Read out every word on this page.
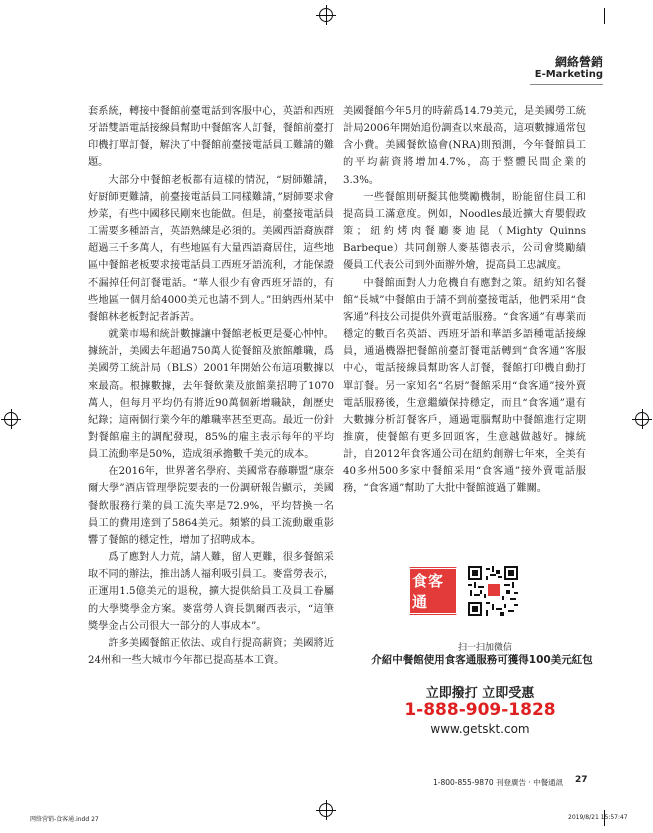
網絡營銷
E-Marketing

套系統，轉接中餐館前臺電話到客服中心，英語和西班牙語雙語電話接線員幫助中餐館客人訂餐，餐館前臺打印機打單訂餐，解決了中餐館前臺接電話員工難請的難題。

大部分中餐館老板都有這樣的情況，“厨師難請，好厨師更難請，前臺接電話員工同樣難請，”厨師要求會炒菜，有些中國移民剛來也能做。但是，前臺接電話員工需要多種語言，英語熟練是必須的。美國西語裔族群超過三千多萬人，有些地區有大量西語裔居住，這些地區中餐館老板要求接電話員工西班牙語流利，才能保證不漏掉任何訂餐電話。“華人很少有會西班牙語的，有些地區一個月給4000美元也請不到人。”田納西州某中餐館林老板對記者訴苦。

就業市場和統計數據讓中餐館老板更是憂心忡忡。據統計，美國去年超過750萬人從餐館及旅館離職，爲美國勞工統計局（BLS）2001年開始公布這項數據以來最高。根據數據，去年餐飲業及旅館業招聘了1070萬人，但每月平均仍有將近90萬個新增職缺，創歷史紀錄；這兩個行業今年的離職率甚至更高。最近一份針對餐館雇主的調配發現，85%的雇主表示每年的平均員工流動率是50%，造成須承擔數千美元的成本。

在2016年，世界著名學府、美國常春藤聯盟“康奈爾大學”酒店管理學院要表的一份調研報告顯示，美國餐飲服務行業的員工流失率是72.9%，平均替換一名員工的費用達到了5864美元。頻繁的員工流動嚴重影響了餐館的穩定性，增加了招聘成本。

爲了應對人力荒，請人難，留人更難，很多餐館采取不同的辦法，推出誘人福利吸引員工。麥當勞表示，正運用1.5億美元的退稅，擴大提供給員工及員工眷屬的大學獎學金方案。麥當勞人資長凱爾西表示，“這筆獎學金占公司很大一部分的人事成本”。

許多美國餐館正依法、或自行提高薪資；美國將近24州和一些大城市今年都已提高基本工資。

美國餐館今年5月的時薪爲14.79美元，是美國勞工統計局2006年開始追份調查以來最高，這項數據通常包含小費。美國餐飲協會(NRA)則預測，今年餐館員工的平均薪資將增加4.7%，高于整體民間企業的3.3%。

一些餐館則研擬其他獎勵機制，盼能留住員工和提高員工滿意度。例如，Noodles最近擴大育嬰假政策；紐約烤肉餐廳麥迪昆（Mighty Quinns Barbeque）共同創辦人麥基德表示，公司會獎勵績優員工代表公司到外面辦外燴，提高員工忠誠度。

中餐館面對人力危機自有應對之策。紐約知名餐館“長城”中餐館由于請不到前臺接電話，他們采用“食客通”科技公司提供外賣電話服務。“食客通”有專業而穩定的數百名英語、西班牙語和華語多語種電話接線員，通過機器把餐館前臺訂餐電話轉到“食客通”客服中心，電話接線員幫助客人訂餐，餐館打印機自動打單訂餐。另一家知名“名厨”餐館采用“食客通”接外賣電話服務後，生意繼續保持穩定，而且“食客通”還有大數據分析訂餐客戶，通過電腦幫助中餐館進行定期推廣，使餐館有更多回頭客，生意越做越好。據統計，自2012年食客通公司在紐約創辦七年來，全美有40多州500多家中餐館采用“食客通”接外賣電話服務，“食客通”幫助了大批中餐館渡過了難關。

食客通
扫一扫加微信
介紹中餐館使用食客通服務可獲得100美元紅包
立即撥打 立即受惠
1-888-909-1828
www.getskt.com
1-800-855-9870 刊登廣告 · 中餐通訊 27
网络营销-食客通.indd 27	2019/8/21 15:57:47
